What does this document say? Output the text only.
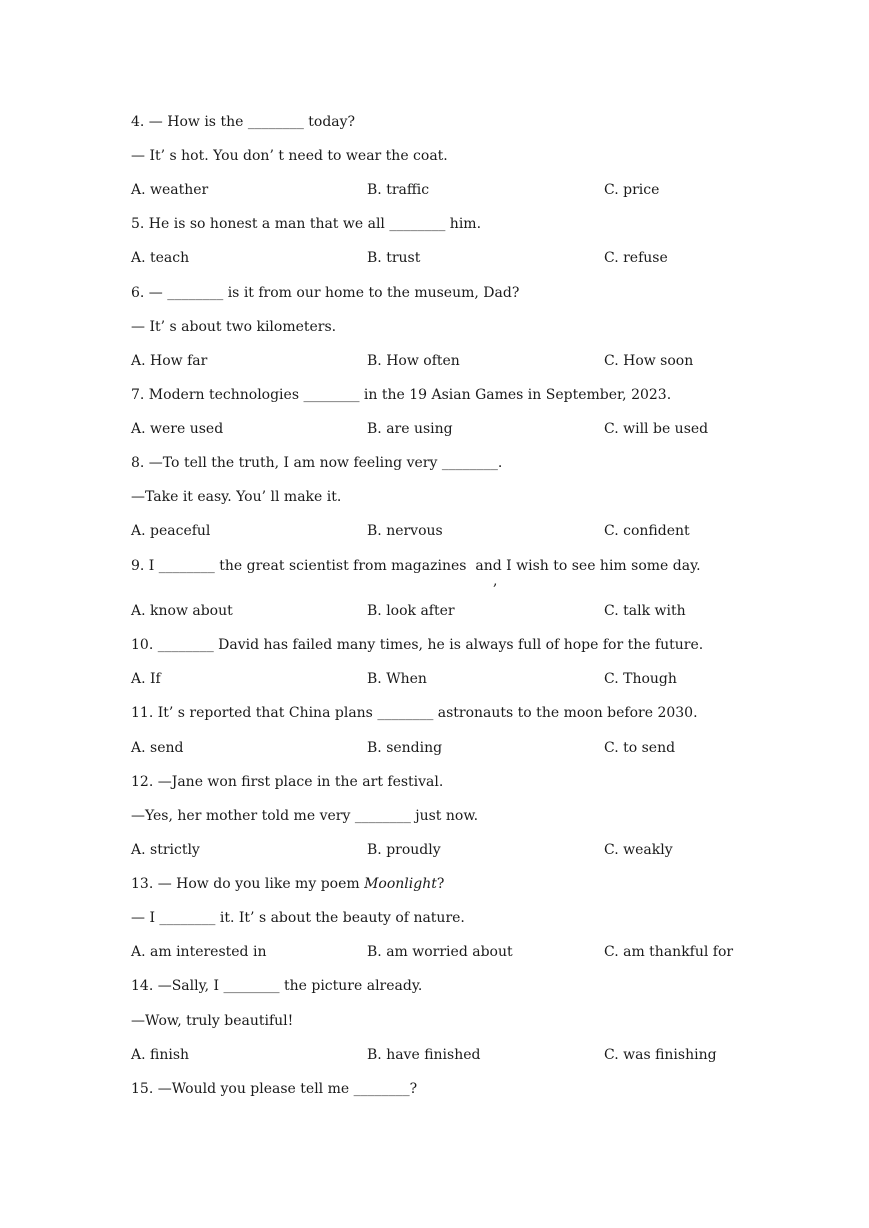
4. — How is the ________ today?
— It’ s hot. You don’ t need to wear the coat.
A. weather	B. traffic	C. price
5. He is so honest a man that we all ________ him.
A. teach	B. trust	C. refuse
6. — ________ is it from our home to the museum, Dad?
— It’ s about two kilometers.
A. How far	B. How often	C. How soon
7. Modern technologies ________ in the 19 Asian Games in September, 2023.
A. were used	B. are using	C. will be used
8. —To tell the truth, I am now feeling very ________.
—Take it easy. You’ ll make it.
A. peaceful	B. nervous	C. confident
9. I ________ the great scientist from magazines  and I wish to see him some day.
,
A. know about	B. look after	C. talk with
10. ________ David has failed many times, he is always full of hope for the future.
A. If	B. When	C. Though
11. It’ s reported that China plans ________ astronauts to the moon before 2030.
A. send	B. sending	C. to send
12. —Jane won first place in the art festival.
—Yes, her mother told me very ________ just now.
A. strictly	B. proudly	C. weakly
13. — How do you like my poem Moonlight?
— I ________ it. It’ s about the beauty of nature.
A. am interested in	B. am worried about	C. am thankful for
14. —Sally, I ________ the picture already.
—Wow, truly beautiful!
A. finish	B. have finished	C. was finishing
15. —Would you please tell me ________?
